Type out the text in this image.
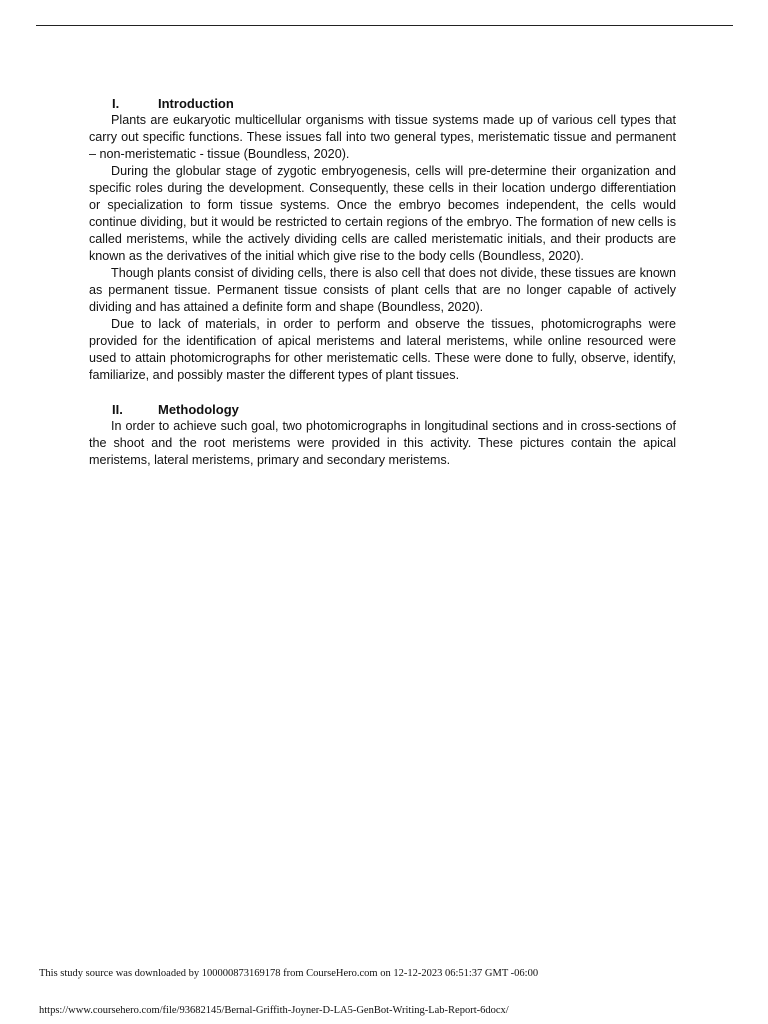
I.	Introduction

Plants are eukaryotic multicellular organisms with tissue systems made up of various cell types that carry out specific functions. These issues fall into two general types, meristematic tissue and permanent – non-meristematic - tissue (Boundless, 2020).

During the globular stage of zygotic embryogenesis, cells will pre-determine their organization and specific roles during the development. Consequently, these cells in their location undergo differentiation or specialization to form tissue systems. Once the embryo becomes independent, the cells would continue dividing, but it would be restricted to certain regions of the embryo. The formation of new cells is called meristems, while the actively dividing cells are called meristematic initials, and their products are known as the derivatives of the initial which give rise to the body cells (Boundless, 2020).

Though plants consist of dividing cells, there is also cell that does not divide, these tissues are known as permanent tissue. Permanent tissue consists of plant cells that are no longer capable of actively dividing and has attained a definite form and shape (Boundless, 2020).

Due to lack of materials, in order to perform and observe the tissues, photomicrographs were provided for the identification of apical meristems and lateral meristems, while online resourced were used to attain photomicrographs for other meristematic cells. These were done to fully, observe, identify, familiarize, and possibly master the different types of plant tissues.

II.	Methodology

In order to achieve such goal, two photomicrographs in longitudinal sections and in cross-sections of the shoot and the root meristems were provided in this activity. These pictures contain the apical meristems, lateral meristems, primary and secondary meristems.

This study source was downloaded by 100000873169178 from CourseHero.com on 12-12-2023 06:51:37 GMT -06:00
https://www.coursehero.com/file/93682145/Bernal-Griffith-Joyner-D-LA5-GenBot-Writing-Lab-Report-6docx/
